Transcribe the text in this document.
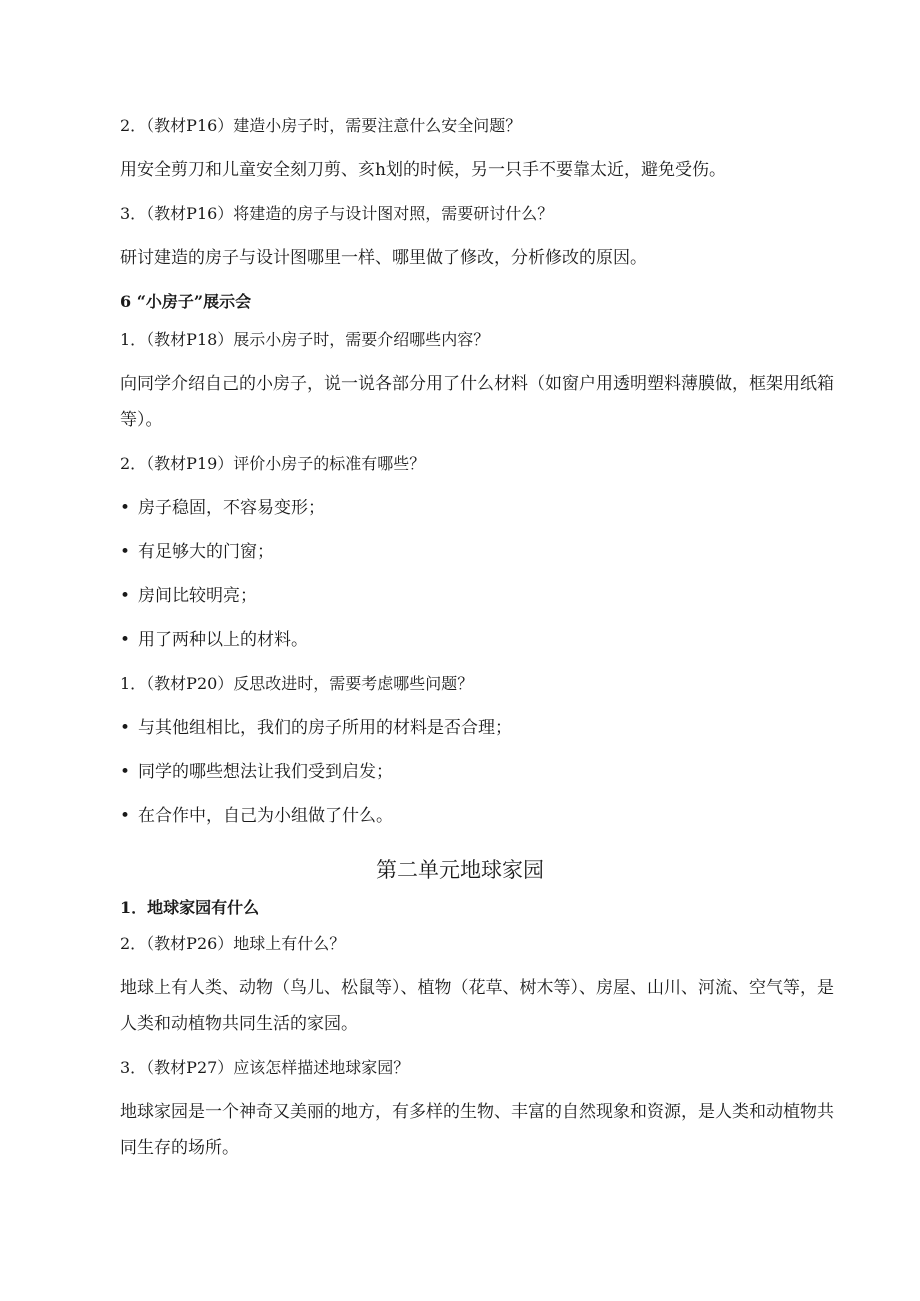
2．（教材P16）建造小房子时，需要注意什么安全问题？
用安全剪刀和儿童安全刻刀剪、亥h划的时候，另一只手不要靠太近，避免受伤。
3．（教材P16）将建造的房子与设计图对照，需要研讨什么？
研讨建造的房子与设计图哪里一样、哪里做了修改，分析修改的原因。
6 “小房子”展示会
1．（教材P18）展示小房子时，需要介绍哪些内容？
向同学介绍自己的小房子，说一说各部分用了什么材料（如窗户用透明塑料薄膜做，框架用纸箱等）。
2．（教材P19）评价小房子的标准有哪些？
• 房子稳固，不容易变形；
• 有足够大的门窗；
• 房间比较明亮；
• 用了两种以上的材料。
1．（教材P20）反思改进时，需要考虑哪些问题？
• 与其他组相比，我们的房子所用的材料是否合理；
• 同学的哪些想法让我们受到启发；
• 在合作中，自己为小组做了什么。
第二单元地球家园
1．地球家园有什么
2．（教材P26）地球上有什么？
地球上有人类、动物（鸟儿、松鼠等）、植物（花草、树木等）、房屋、山川、河流、空气等，是人类和动植物共同生活的家园。
3．（教材P27）应该怎样描述地球家园？
地球家园是一个神奇又美丽的地方，有多样的生物、丰富的自然现象和资源，是人类和动植物共同生存的场所。
